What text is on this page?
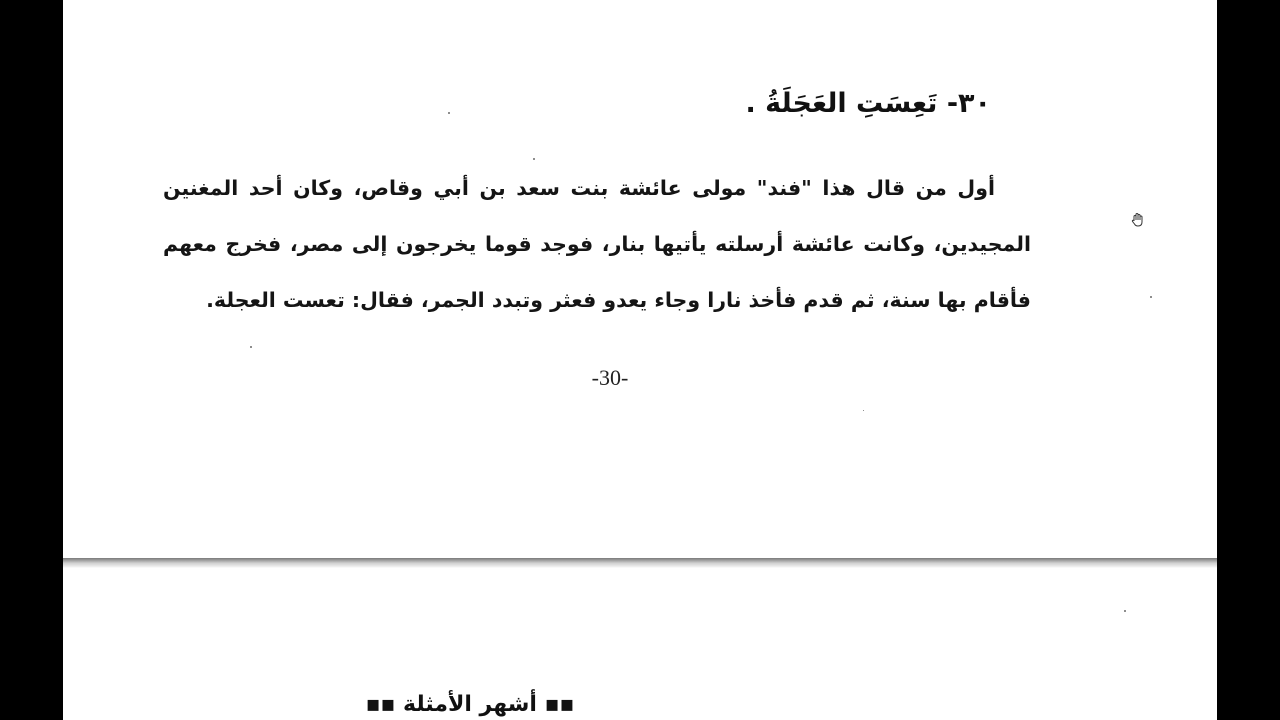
٣٠- تَعِسَتِ العَجَلَةُ .

أول من قال هذا "فند" مولى عائشة بنت سعد بن أبي وقاص، وكان أحد المغنين المجيدين، وكانت عائشة أرسلته يأتيها بنار، فوجد قوما يخرجون إلى مصر، فخرج معهم فأقام بها سنة، ثم قدم فأخذ نارا وجاء يعدو فعثر وتبدد الجمر، فقال: تعست العجلة.

-30-
▪▪ أشهر الأمثلة ▪▪
